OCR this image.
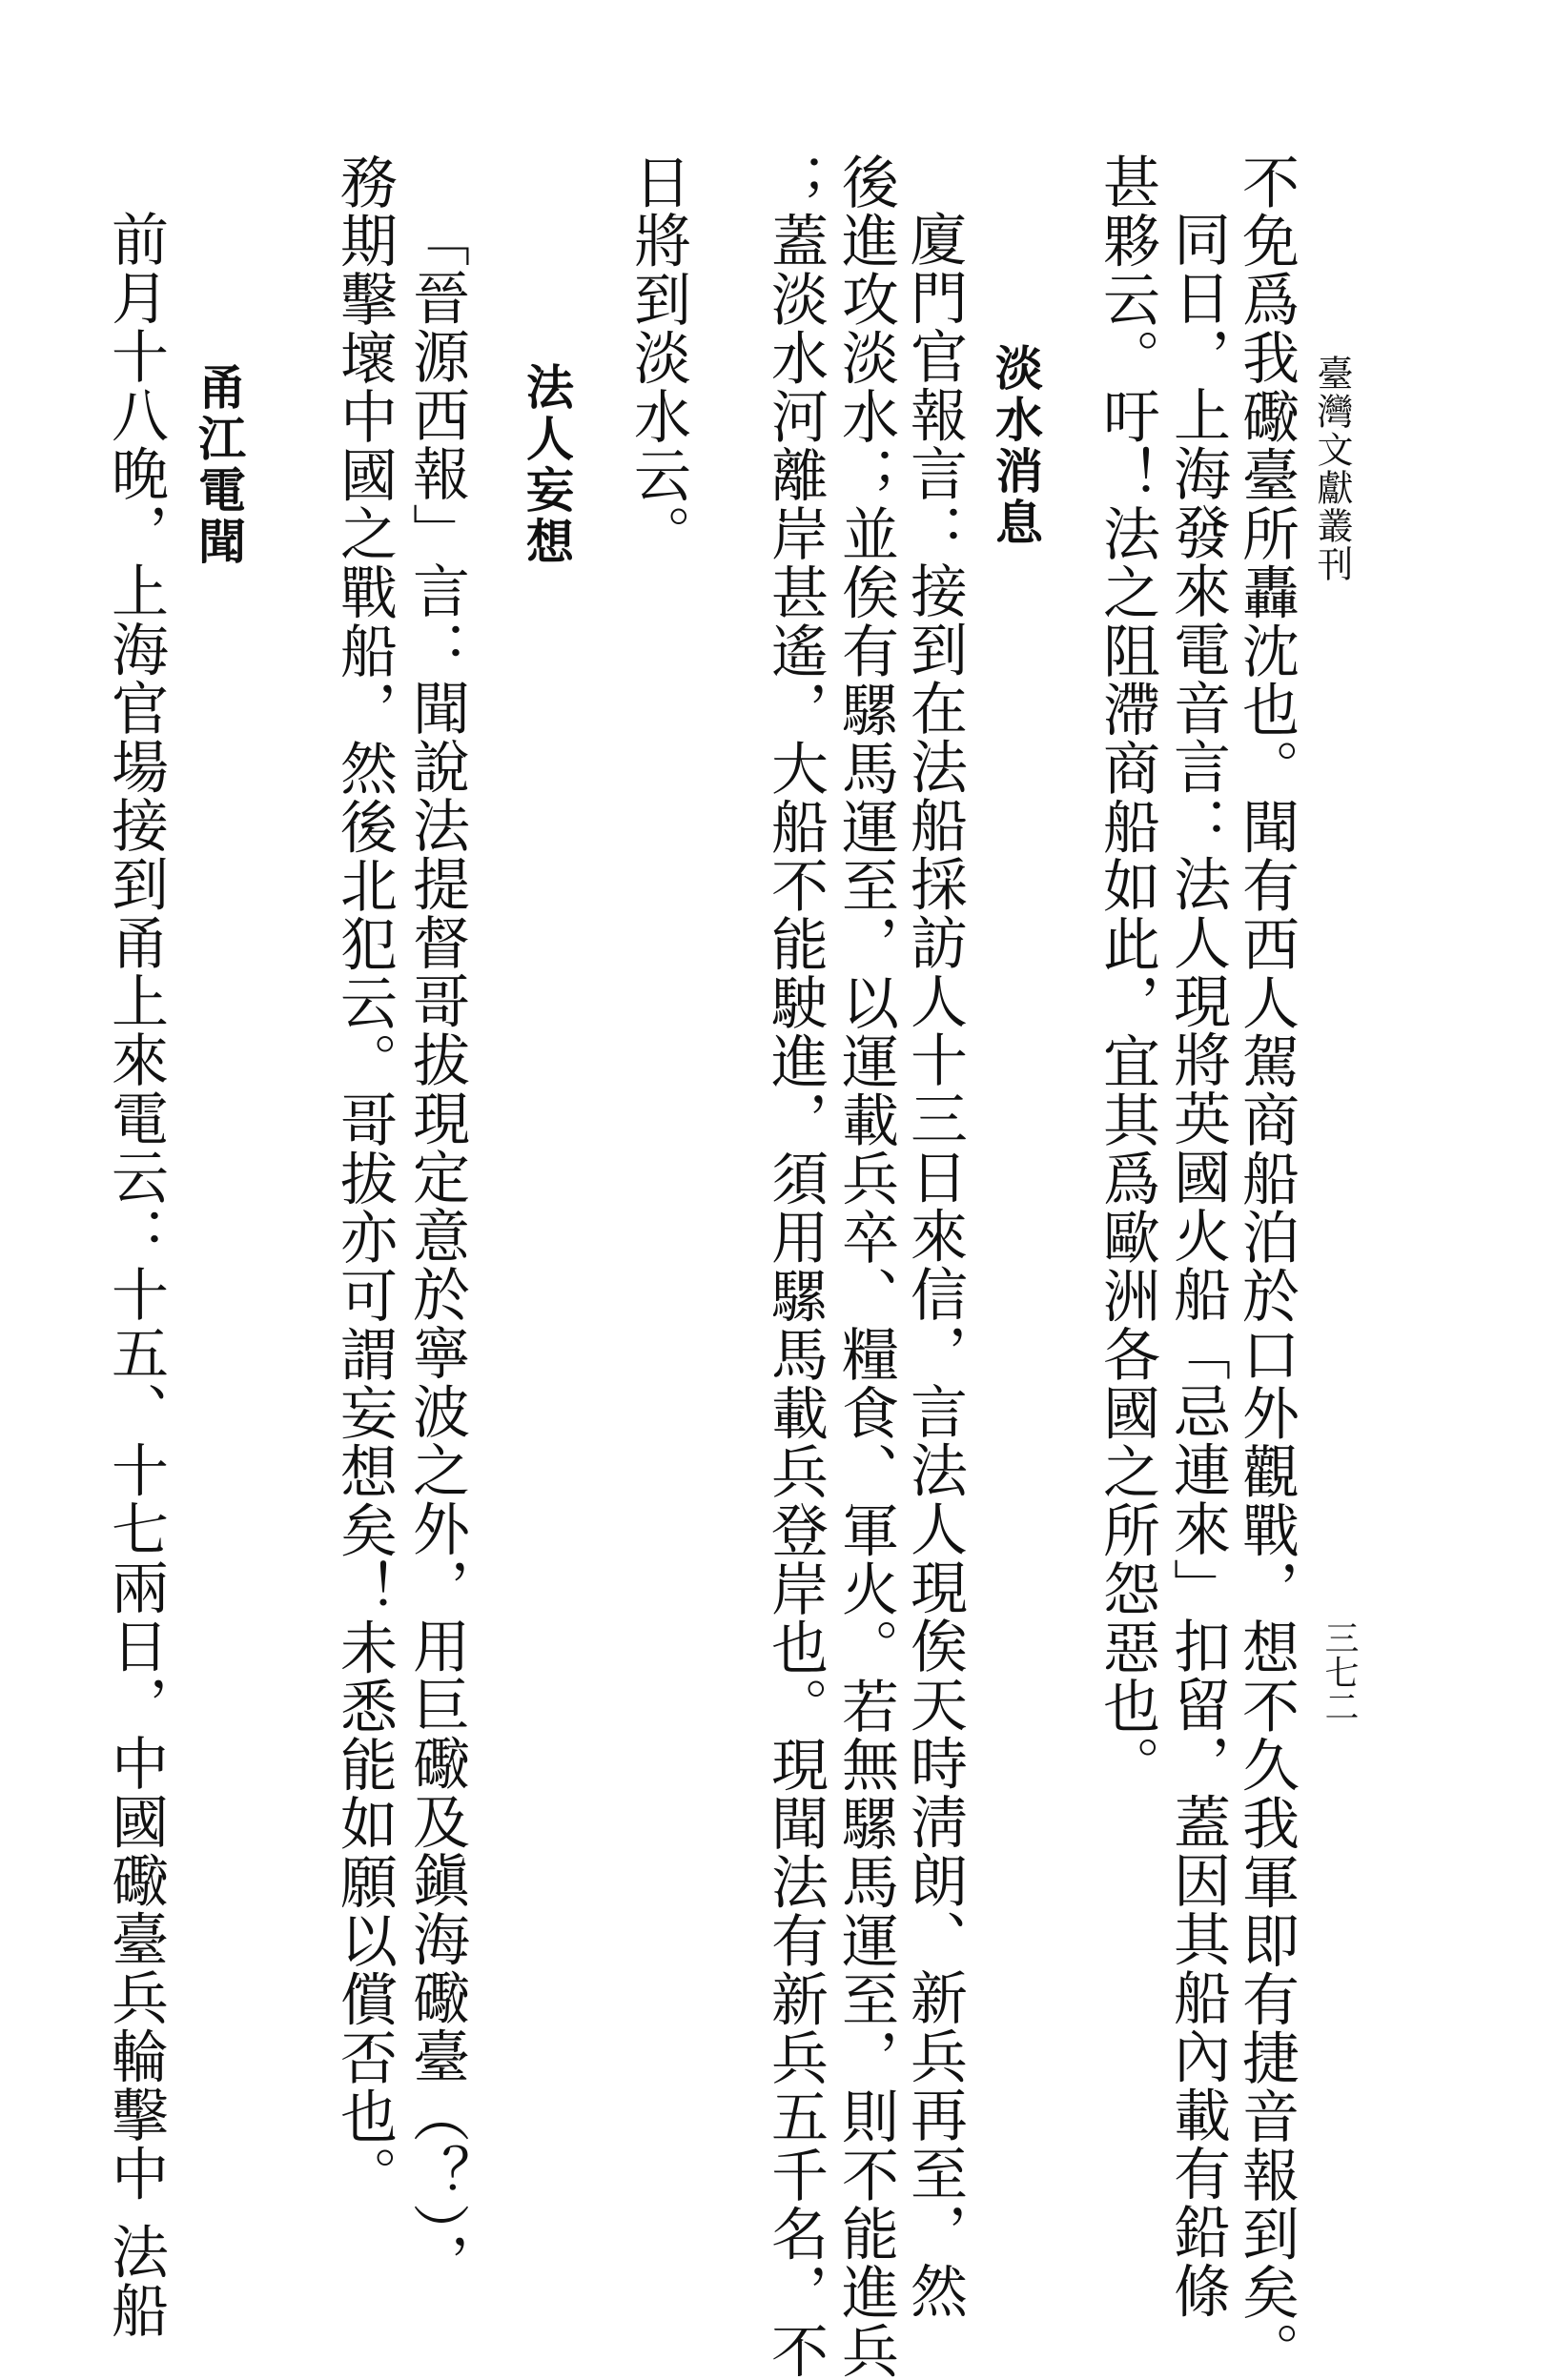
臺灣文獻叢刊
三七二
不免爲我礮臺所轟沈也。聞有西人駕商船泊於口外觀戰，想不久我軍即有捷音報到矣。
同日，上海發來電音言：法人現將英國火船「忌連來」扣留，蓋因其船內載有鉛條
甚夥云。吁！法之阻滯商船如此，宜其爲歐洲各國之所怨惡也。
淡水消息
廈門官報言：接到在法船採訪人十三日來信，言法人現俟天時淸朗、新兵再至，然
後進攻淡水；並俟有騾馬運至，以運載兵卒、糧食、軍火。若無騾馬運至，則不能進兵
；蓋淡水河離岸甚遙，大船不能駛進，須用騾馬載兵登岸也。現聞法有新兵五千名，不
日將到淡水云。
法人妄想
「晉源西報」言：聞說法提督哥拔現定意於寧波之外，用巨礮及鎭海礮臺（？），
務期擊壞中國之戰船，然後北犯云。哥拔亦可謂妄想矣！未悉能如願以償否也。
甬江電聞
前月十八晚，上海官場接到甬上來電云：十五、十七兩日，中國礮臺兵輪擊中 法船
